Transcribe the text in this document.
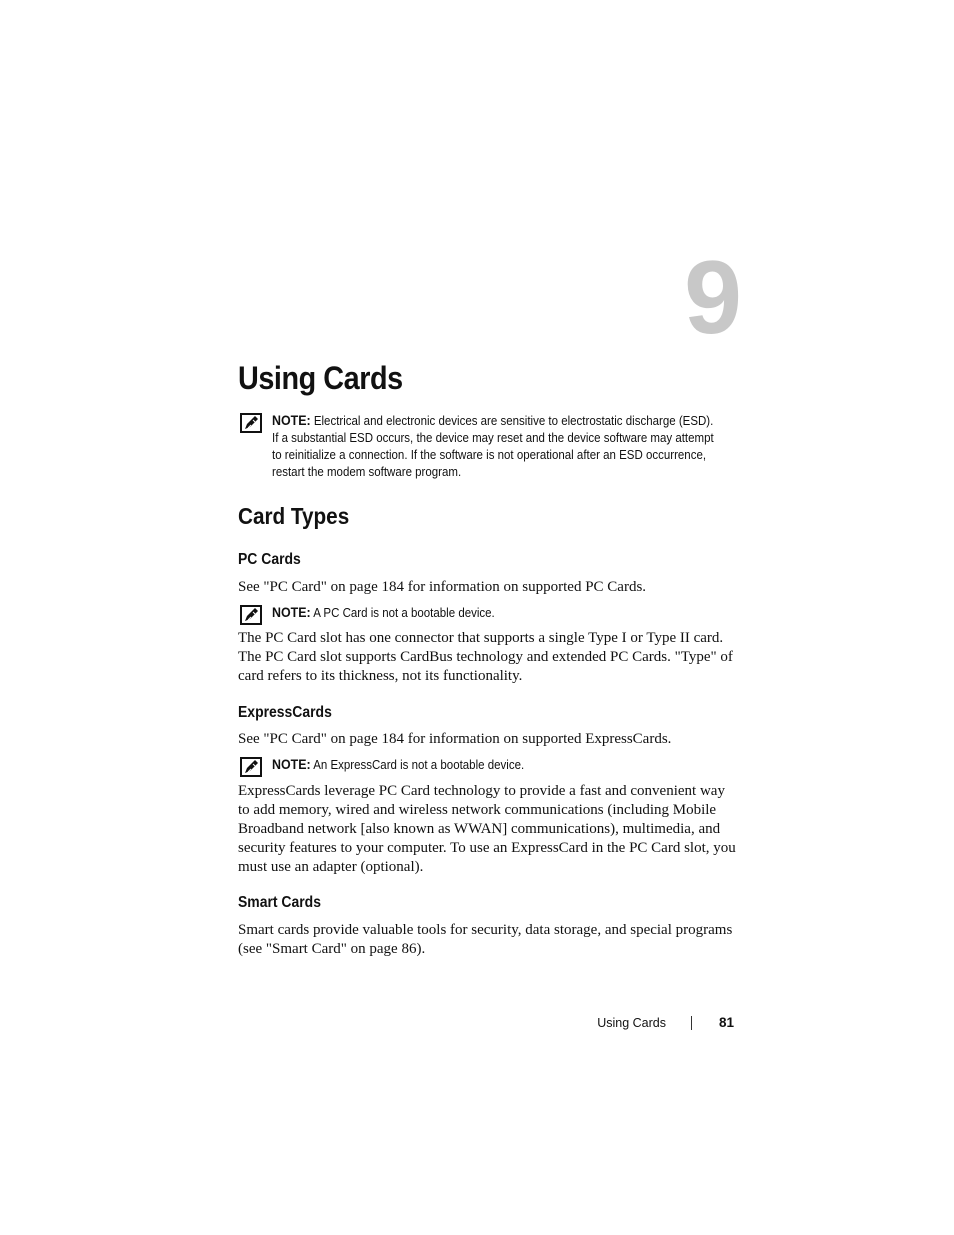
9
Using Cards
NOTE: Electrical and electronic devices are sensitive to electrostatic discharge (ESD). If a substantial ESD occurs, the device may reset and the device software may attempt to reinitialize a connection. If the software is not operational after an ESD occurrence, restart the modem software program.
Card Types
PC Cards

See "PC Card" on page 184 for information on supported PC Cards.

NOTE: A PC Card is not a bootable device.

The PC Card slot has one connector that supports a single Type I or Type II card. The PC Card slot supports CardBus technology and extended PC Cards. "Type" of card refers to its thickness, not its functionality.

ExpressCards

See "PC Card" on page 184 for information on supported ExpressCards.

NOTE: An ExpressCard is not a bootable device.

ExpressCards leverage PC Card technology to provide a fast and convenient way to add memory, wired and wireless network communications (including Mobile Broadband network [also known as WWAN] communications), multimedia, and security features to your computer. To use an ExpressCard in the PC Card slot, you must use an adapter (optional).

Smart Cards

Smart cards provide valuable tools for security, data storage, and special programs (see "Smart Card" on page 86).

Using Cards	81
